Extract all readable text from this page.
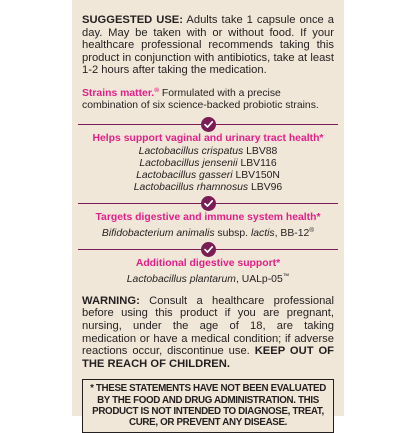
SUGGESTED USE: Adults take 1 capsule once a day. May be taken with or without food. If your healthcare professional recommends taking this product in conjunction with antibiotics, take at least 1-2 hours after taking the medication.

Strains matter.® Formulated with a precise combination of six science-backed probiotic strains.

Helps support vaginal and urinary tract health*
Lactobacillus crispatus LBV88
Lactobacillus jensenii LBV116
Lactobacillus gasseri LBV150N
Lactobacillus rhamnosus LBV96
Targets digestive and immune system health*
Bifidobacterium animalis subsp. lactis, BB-12®
Additional digestive support*
Lactobacillus plantarum, UALp-05™

WARNING: Consult a healthcare professional before using this product if you are pregnant, nursing, under the age of 18, are taking medication or have a medical condition; if adverse reactions occur, discontinue use. KEEP OUT OF THE REACH OF CHILDREN.

* THESE STATEMENTS HAVE NOT BEEN EVALUATED BY THE FOOD AND DRUG ADMINISTRATION. THIS PRODUCT IS NOT INTENDED TO DIAGNOSE, TREAT, CURE, OR PREVENT ANY DISEASE.
